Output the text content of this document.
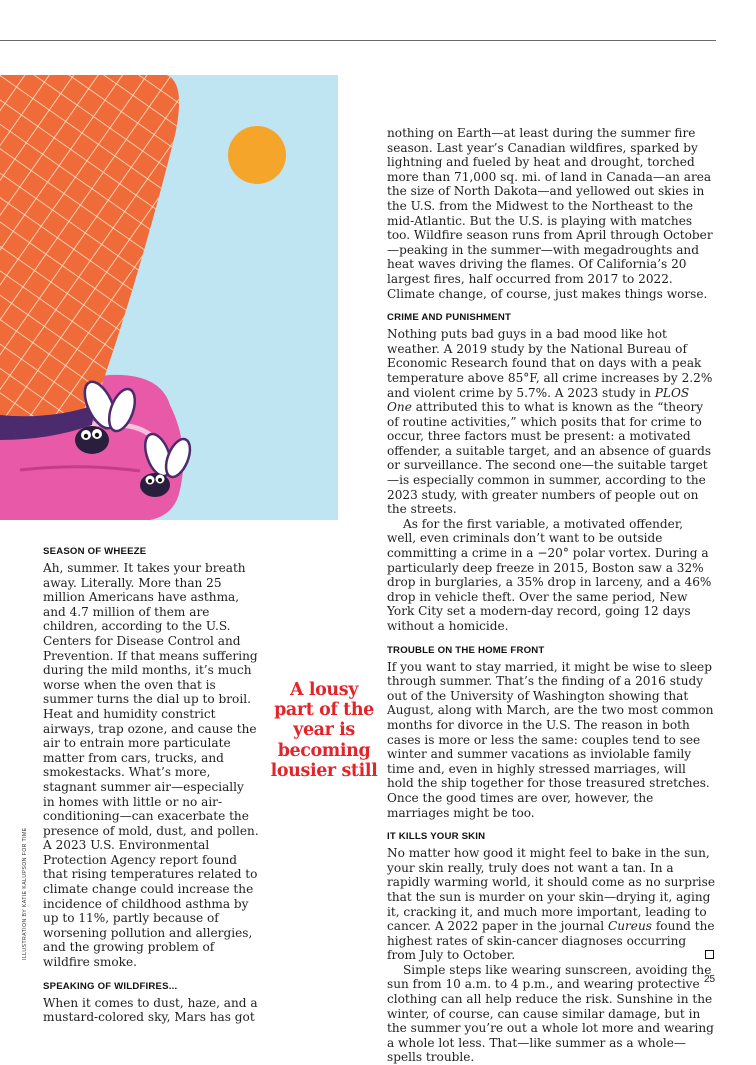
SEASON OF WHEEZE

Ah, summer. It takes your breath away. Literally. More than 25 million Americans have asthma, and 4.7 million of them are children, according to the U.S. Centers for Disease Control and Prevention. If that means suffering during the mild months, it’s much worse when the oven that is summer turns the dial up to broil. Heat and humidity constrict airways, trap ozone, and cause the air to entrain more particulate matter from cars, trucks, and smokestacks. What’s more, stagnant summer air—especially in homes with little or no air-conditioning—can exacerbate the presence of mold, dust, and pollen. A 2023 U.S. Environmental Protection Agency report found that rising temperatures related to climate change could increase the incidence of childhood asthma by up to 11%, partly because of worsening pollution and allergies, and the growing problem of wildfire smoke.

SPEAKING OF WILDFIRES...

When it comes to dust, haze, and a mustard-colored sky, Mars has got

A lousy part of the year is becoming lousier still

nothing on Earth—at least during the summer fire season. Last year’s Canadian wildfires, sparked by lightning and fueled by heat and drought, torched more than 71,000 sq. mi. of land in Canada—an area the size of North Dakota—and yellowed out skies in the U.S. from the Midwest to the Northeast to the mid-Atlantic. But the U.S. is playing with matches too. Wildfire season runs from April through October—peaking in the summer—with megadroughts and heat waves driving the flames. Of California’s 20 largest fires, half occurred from 2017 to 2022. Climate change, of course, just makes things worse.

CRIME AND PUNISHMENT

Nothing puts bad guys in a bad mood like hot weather. A 2019 study by the National Bureau of Economic Research found that on days with a peak temperature above 85°F, all crime increases by 2.2% and violent crime by 5.7%. A 2023 study in PLOS One attributed this to what is known as the “theory of routine activities,” which posits that for crime to occur, three factors must be present: a motivated offender, a suitable target, and an absence of guards or surveillance. The second one—the suitable target—is especially common in summer, according to the 2023 study, with greater numbers of people out on the streets.

As for the first variable, a motivated offender, well, even criminals don’t want to be outside committing a crime in a −20° polar vortex. During a particularly deep freeze in 2015, Boston saw a 32% drop in burglaries, a 35% drop in larceny, and a 46% drop in vehicle theft. Over the same period, New York City set a modern-day record, going 12 days without a homicide.

TROUBLE ON THE HOME FRONT

If you want to stay married, it might be wise to sleep through summer. That’s the finding of a 2016 study out of the University of Washington showing that August, along with March, are the two most common months for divorce in the U.S. The reason in both cases is more or less the same: couples tend to see winter and summer vacations as inviolable family time and, even in highly stressed marriages, will hold the ship together for those treasured stretches. Once the good times are over, however, the marriages might be too.

IT KILLS YOUR SKIN

No matter how good it might feel to bake in the sun, your skin really, truly does not want a tan. In a rapidly warming world, it should come as no surprise that the sun is murder on your skin—drying it, aging it, cracking it, and much more important, leading to cancer. A 2022 paper in the journal Cureus found the highest rates of skin-cancer diagnoses occurring from July to October.

Simple steps like wearing sunscreen, avoiding the sun from 10 a.m. to 4 p.m., and wearing protective clothing can all help reduce the risk. Sunshine in the winter, of course, can cause similar damage, but in the summer you’re out a whole lot more and wearing a whole lot less. That—like summer as a whole—spells trouble.

ILLUSTRATION BY KATIE KALUPSON FOR TIME
25
